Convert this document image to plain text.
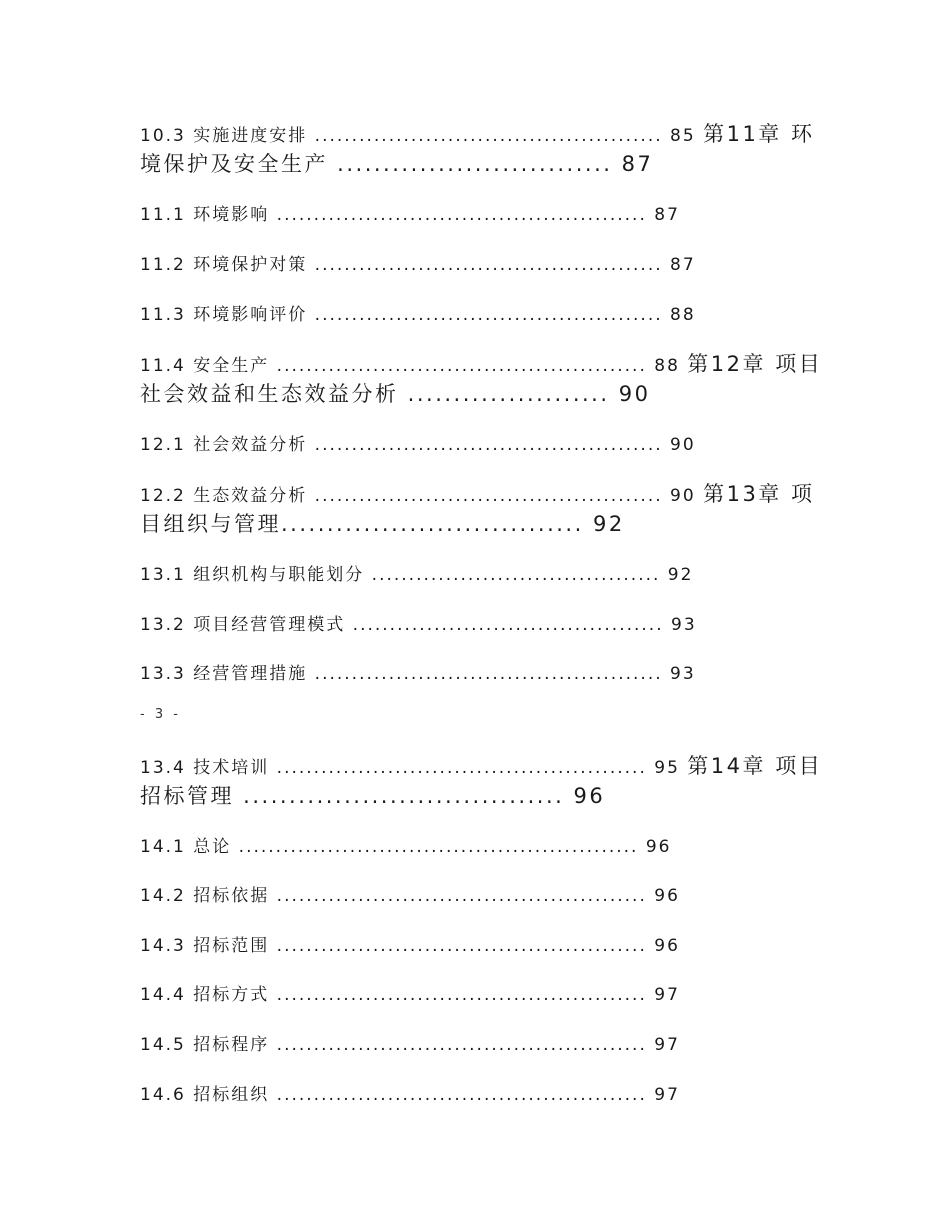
10.3 实施进度安排 ............................................... 85 第11章 环
境保护及安全生产 .............................. 87
11.1 环境影响 .................................................. 87
11.2 环境保护对策 ............................................... 87
11.3 环境影响评价 ............................................... 88
11.4 安全生产 .................................................. 88 第12章 项目
社会效益和生态效益分析 ...................... 90
12.1 社会效益分析 ............................................... 90
12.2 生态效益分析 ............................................... 90 第13章 项
目组织与管理................................. 92
13.1 组织机构与职能划分 ....................................... 92
13.2 项目经营管理模式 .......................................... 93
13.3 经营管理措施 ............................................... 93
- 3 -
13.4 技术培训 .................................................. 95 第14章 项目
招标管理 ................................... 96
14.1 总论 ...................................................... 96
14.2 招标依据 .................................................. 96
14.3 招标范围 .................................................. 96
14.4 招标方式 .................................................. 97
14.5 招标程序 .................................................. 97
14.6 招标组织 .................................................. 97
